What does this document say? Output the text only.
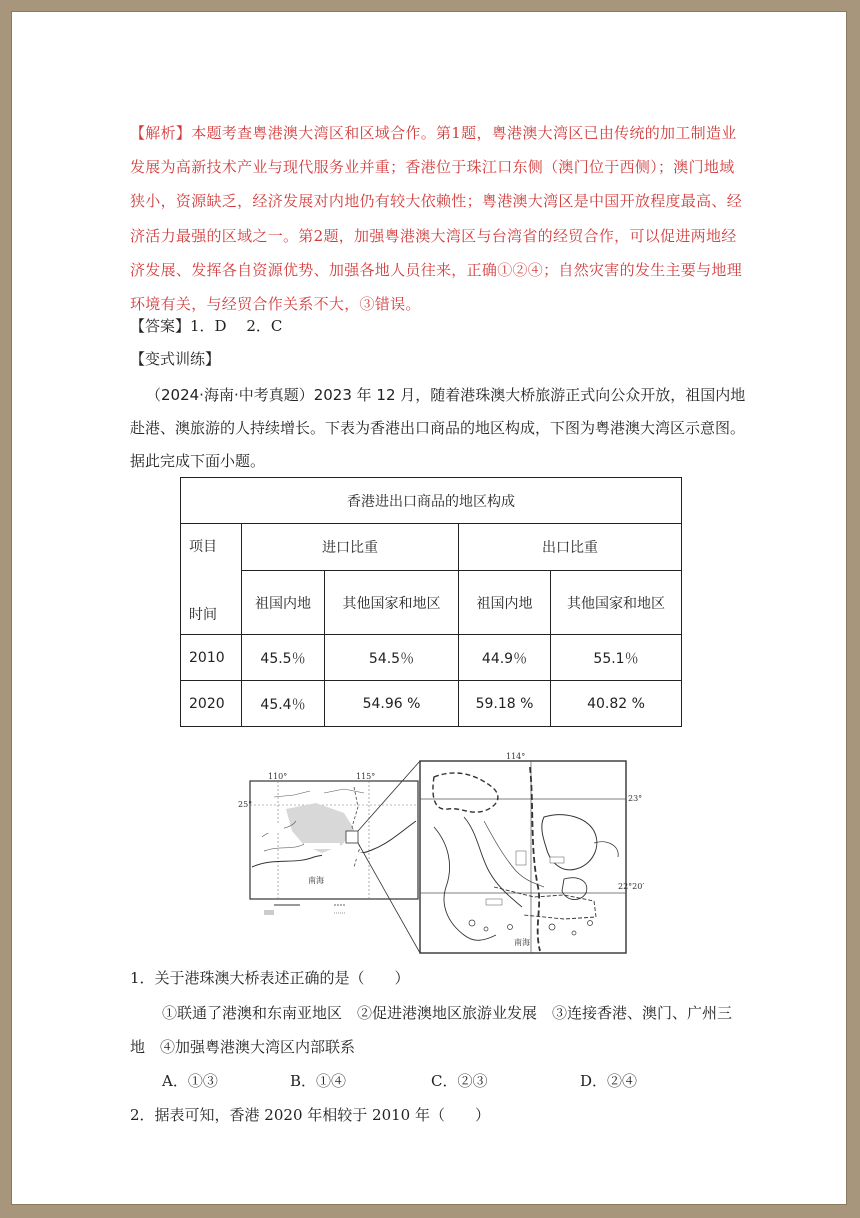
【解析】本题考查粤港澳大湾区和区域合作。第1题，粤港澳大湾区已由传统的加工制造业
发展为高新技术产业与现代服务业并重；香港位于珠江口东侧（澳门位于西侧）；澳门地域
狭小，资源缺乏，经济发展对内地仍有较大依赖性；粤港澳大湾区是中国开放程度最高、经
济活力最强的区域之一。第2题，加强粤港澳大湾区与台湾省的经贸合作，可以促进两地经
济发展、发挥各自资源优势、加强各地人员往来，正确①②④；自然灾害的发生主要与地理
环境有关，与经贸合作关系不大，③错误。
【答案】1．D　 2．C
【变式训练】
（2024·海南·中考真题）2023 年 12 月，随着港珠澳大桥旅游正式向公众开放，祖国内地
赴港、澳旅游的人持续增长。下表为香港出口商品的地区构成，下图为粤港澳大湾区示意图。
据此完成下面小题。
香港进出口商品的地区构成				

项目
时间	进口比重		出口比重	
	祖国内地	其他国家和地区	祖国内地	其他国家和地区
2010	45.5％	54.5％	44.9％	55.1％
2020	45.4％	54.96 %	59.18 %	40.82 %
110°	115°
25°
南海
114°
23°
22°20′
南海
1．关于港珠澳大桥表述正确的是（　　）
①联通了港澳和东南亚地区　②促进港澳地区旅游业发展　③连接香港、澳门、广州三
地　④加强粤港澳大湾区内部联系
A．①③	B．①④	C．②③	D．②④
2．据表可知，香港 2020 年相较于 2010 年（　　）
